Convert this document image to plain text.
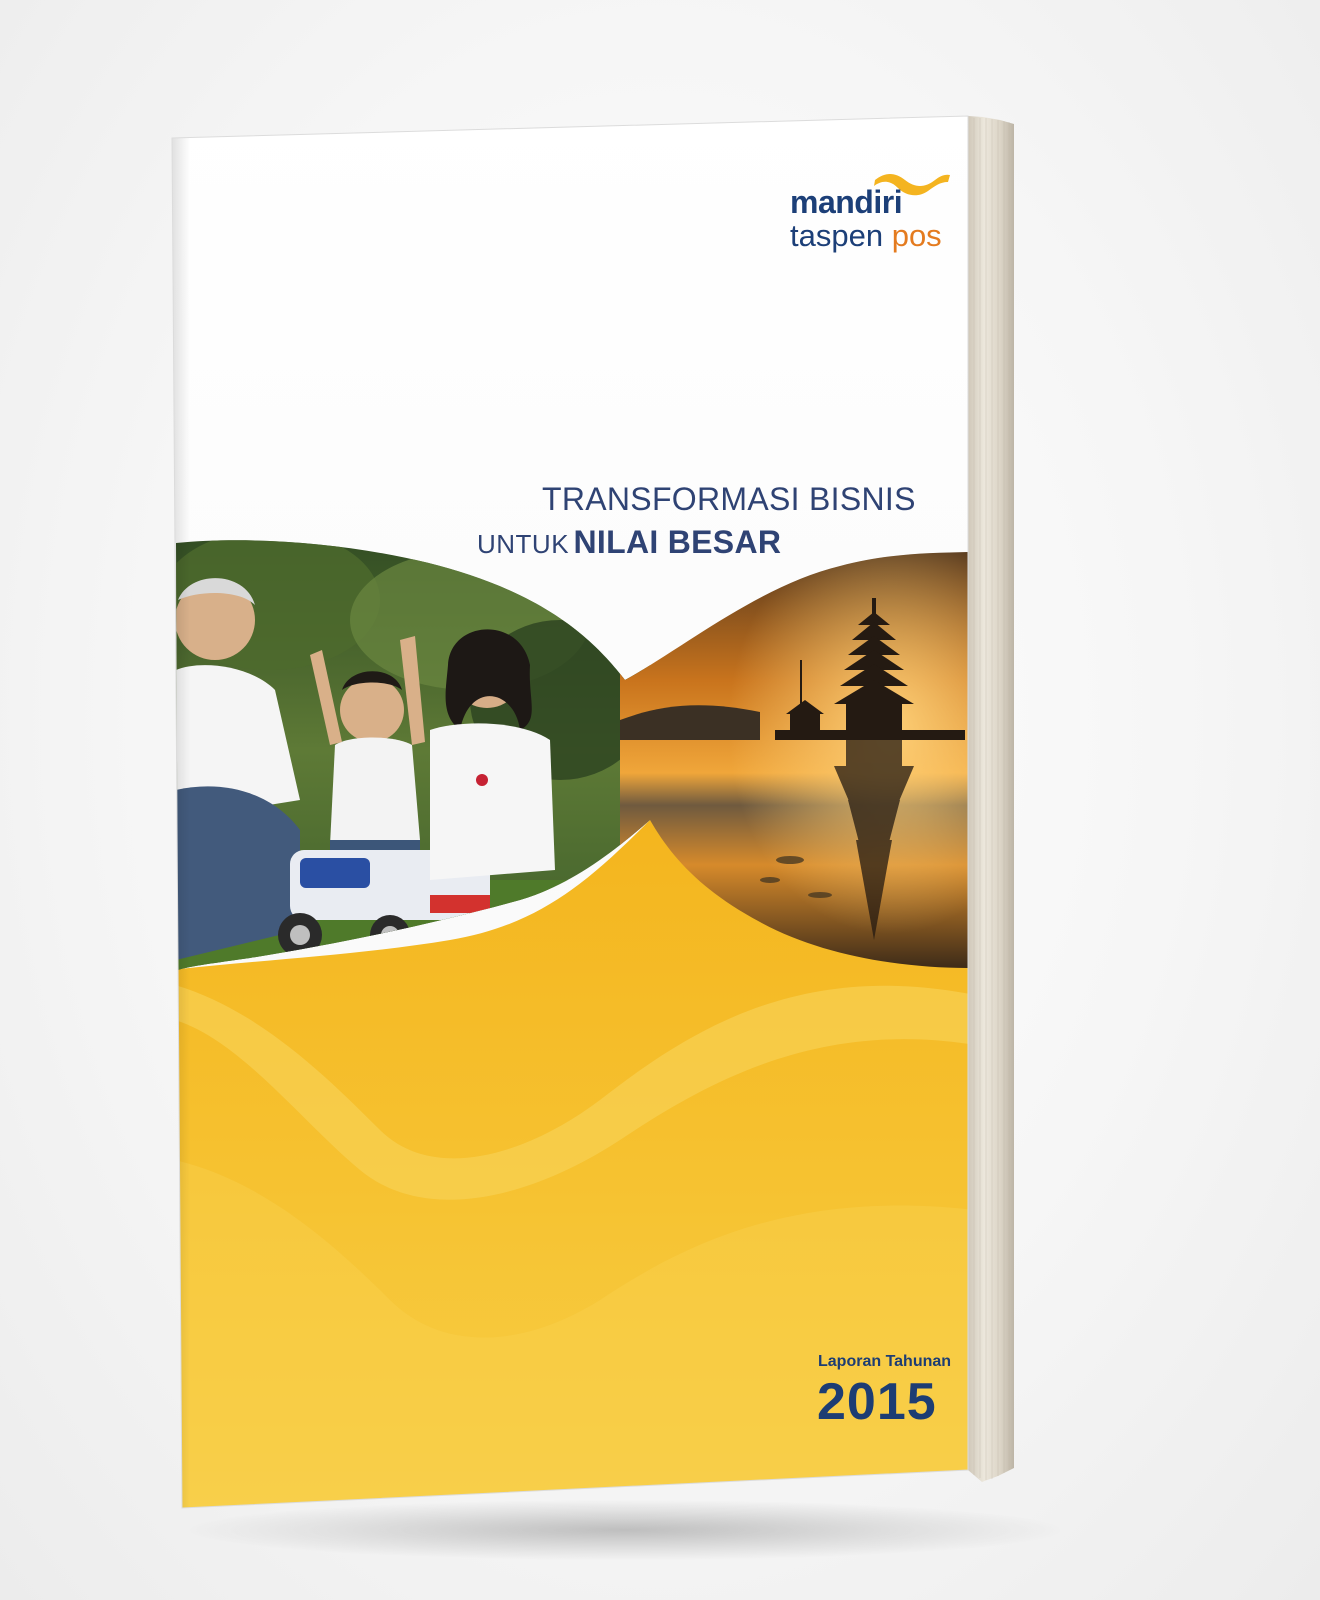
mandiri
taspen pos
TRANSFORMASI BISNIS
UNTUK NILAI BESAR
Laporan Tahunan
2015
